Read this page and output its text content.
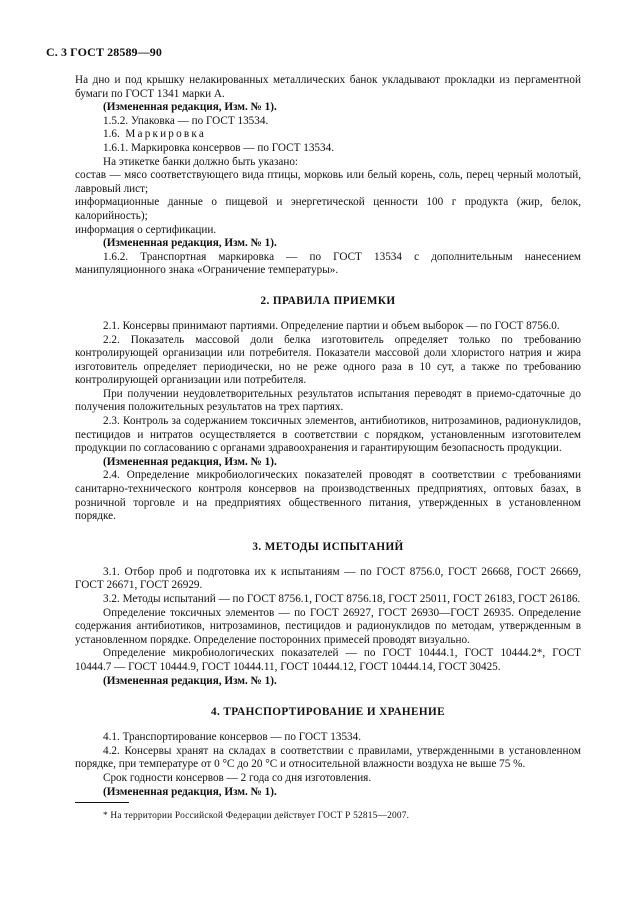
С. 3 ГОСТ 28589—90

На дно и под крышку нелакированных металлических банок укладывают прокладки из пергаментной бумаги по ГОСТ 1341 марки А.

(Измененная редакция, Изм. № 1).

1.5.2. Упаковка — по ГОСТ 13534.

1.6. Маркировка

1.6.1. Маркировка консервов — по ГОСТ 13534.

На этикетке банки должно быть указано:

состав — мясо соответствующего вида птицы, морковь или белый корень, соль, перец черный молотый, лавровый лист;

информационные данные о пищевой и энергетической ценности 100 г продукта (жир, белок, калорийность);

информация о сертификации.

(Измененная редакция, Изм. № 1).

1.6.2. Транспортная маркировка — по ГОСТ 13534 с дополнительным нанесением манипуляционного знака «Ограничение температуры».

2. ПРАВИЛА ПРИЕМКИ

2.1. Консервы принимают партиями. Определение партии и объем выборок — по ГОСТ 8756.0.

2.2. Показатель массовой доли белка изготовитель определяет только по требованию контролирующей организации или потребителя. Показатели массовой доли хлористого натрия и жира изготовитель определяет периодически, но не реже одного раза в 10 сут, а также по требованию контролирующей организации или потребителя.

При получении неудовлетворительных результатов испытания переводят в приемо-сдаточные до получения положительных результатов на трех партиях.

2.3. Контроль за содержанием токсичных элементов, антибиотиков, нитрозаминов, радионуклидов, пестицидов и нитратов осуществляется в соответствии с порядком, установленным изготовителем продукции по согласованию с органами здравоохранения и гарантирующим безопасность продукции.

(Измененная редакция, Изм. № 1).

2.4. Определение микробиологических показателей проводят в соответствии с требованиями санитарно-технического контроля консервов на производственных предприятиях, оптовых базах, в розничной торговле и на предприятиях общественного питания, утвержденных в установленном порядке.

3. МЕТОДЫ ИСПЫТАНИЙ

3.1. Отбор проб и подготовка их к испытаниям — по ГОСТ 8756.0, ГОСТ 26668, ГОСТ 26669, ГОСТ 26671, ГОСТ 26929.

3.2. Методы испытаний — по ГОСТ 8756.1, ГОСТ 8756.18, ГОСТ 25011, ГОСТ 26183, ГОСТ 26186.

Определение токсичных элементов — по ГОСТ 26927, ГОСТ 26930—ГОСТ 26935. Определение содержания антибиотиков, нитрозаминов, пестицидов и радионуклидов по методам, утвержденным в установленном порядке. Определение посторонних примесей проводят визуально.

Определение микробиологических показателей — по ГОСТ 10444.1, ГОСТ 10444.2*, ГОСТ 10444.7 — ГОСТ 10444.9, ГОСТ 10444.11, ГОСТ 10444.12, ГОСТ 10444.14, ГОСТ 30425.

(Измененная редакция, Изм. № 1).

4. ТРАНСПОРТИРОВАНИЕ И ХРАНЕНИЕ

4.1. Транспортирование консервов — по ГОСТ 13534.

4.2. Консервы хранят на складах в соответствии с правилами, утвержденными в установленном порядке, при температуре от 0 °С до 20 °С и относительной влажности воздуха не выше 75 %.

Срок годности консервов — 2 года со дня изготовления.

(Измененная редакция, Изм. № 1).

* На территории Российской Федерации действует ГОСТ Р 52815—2007.
